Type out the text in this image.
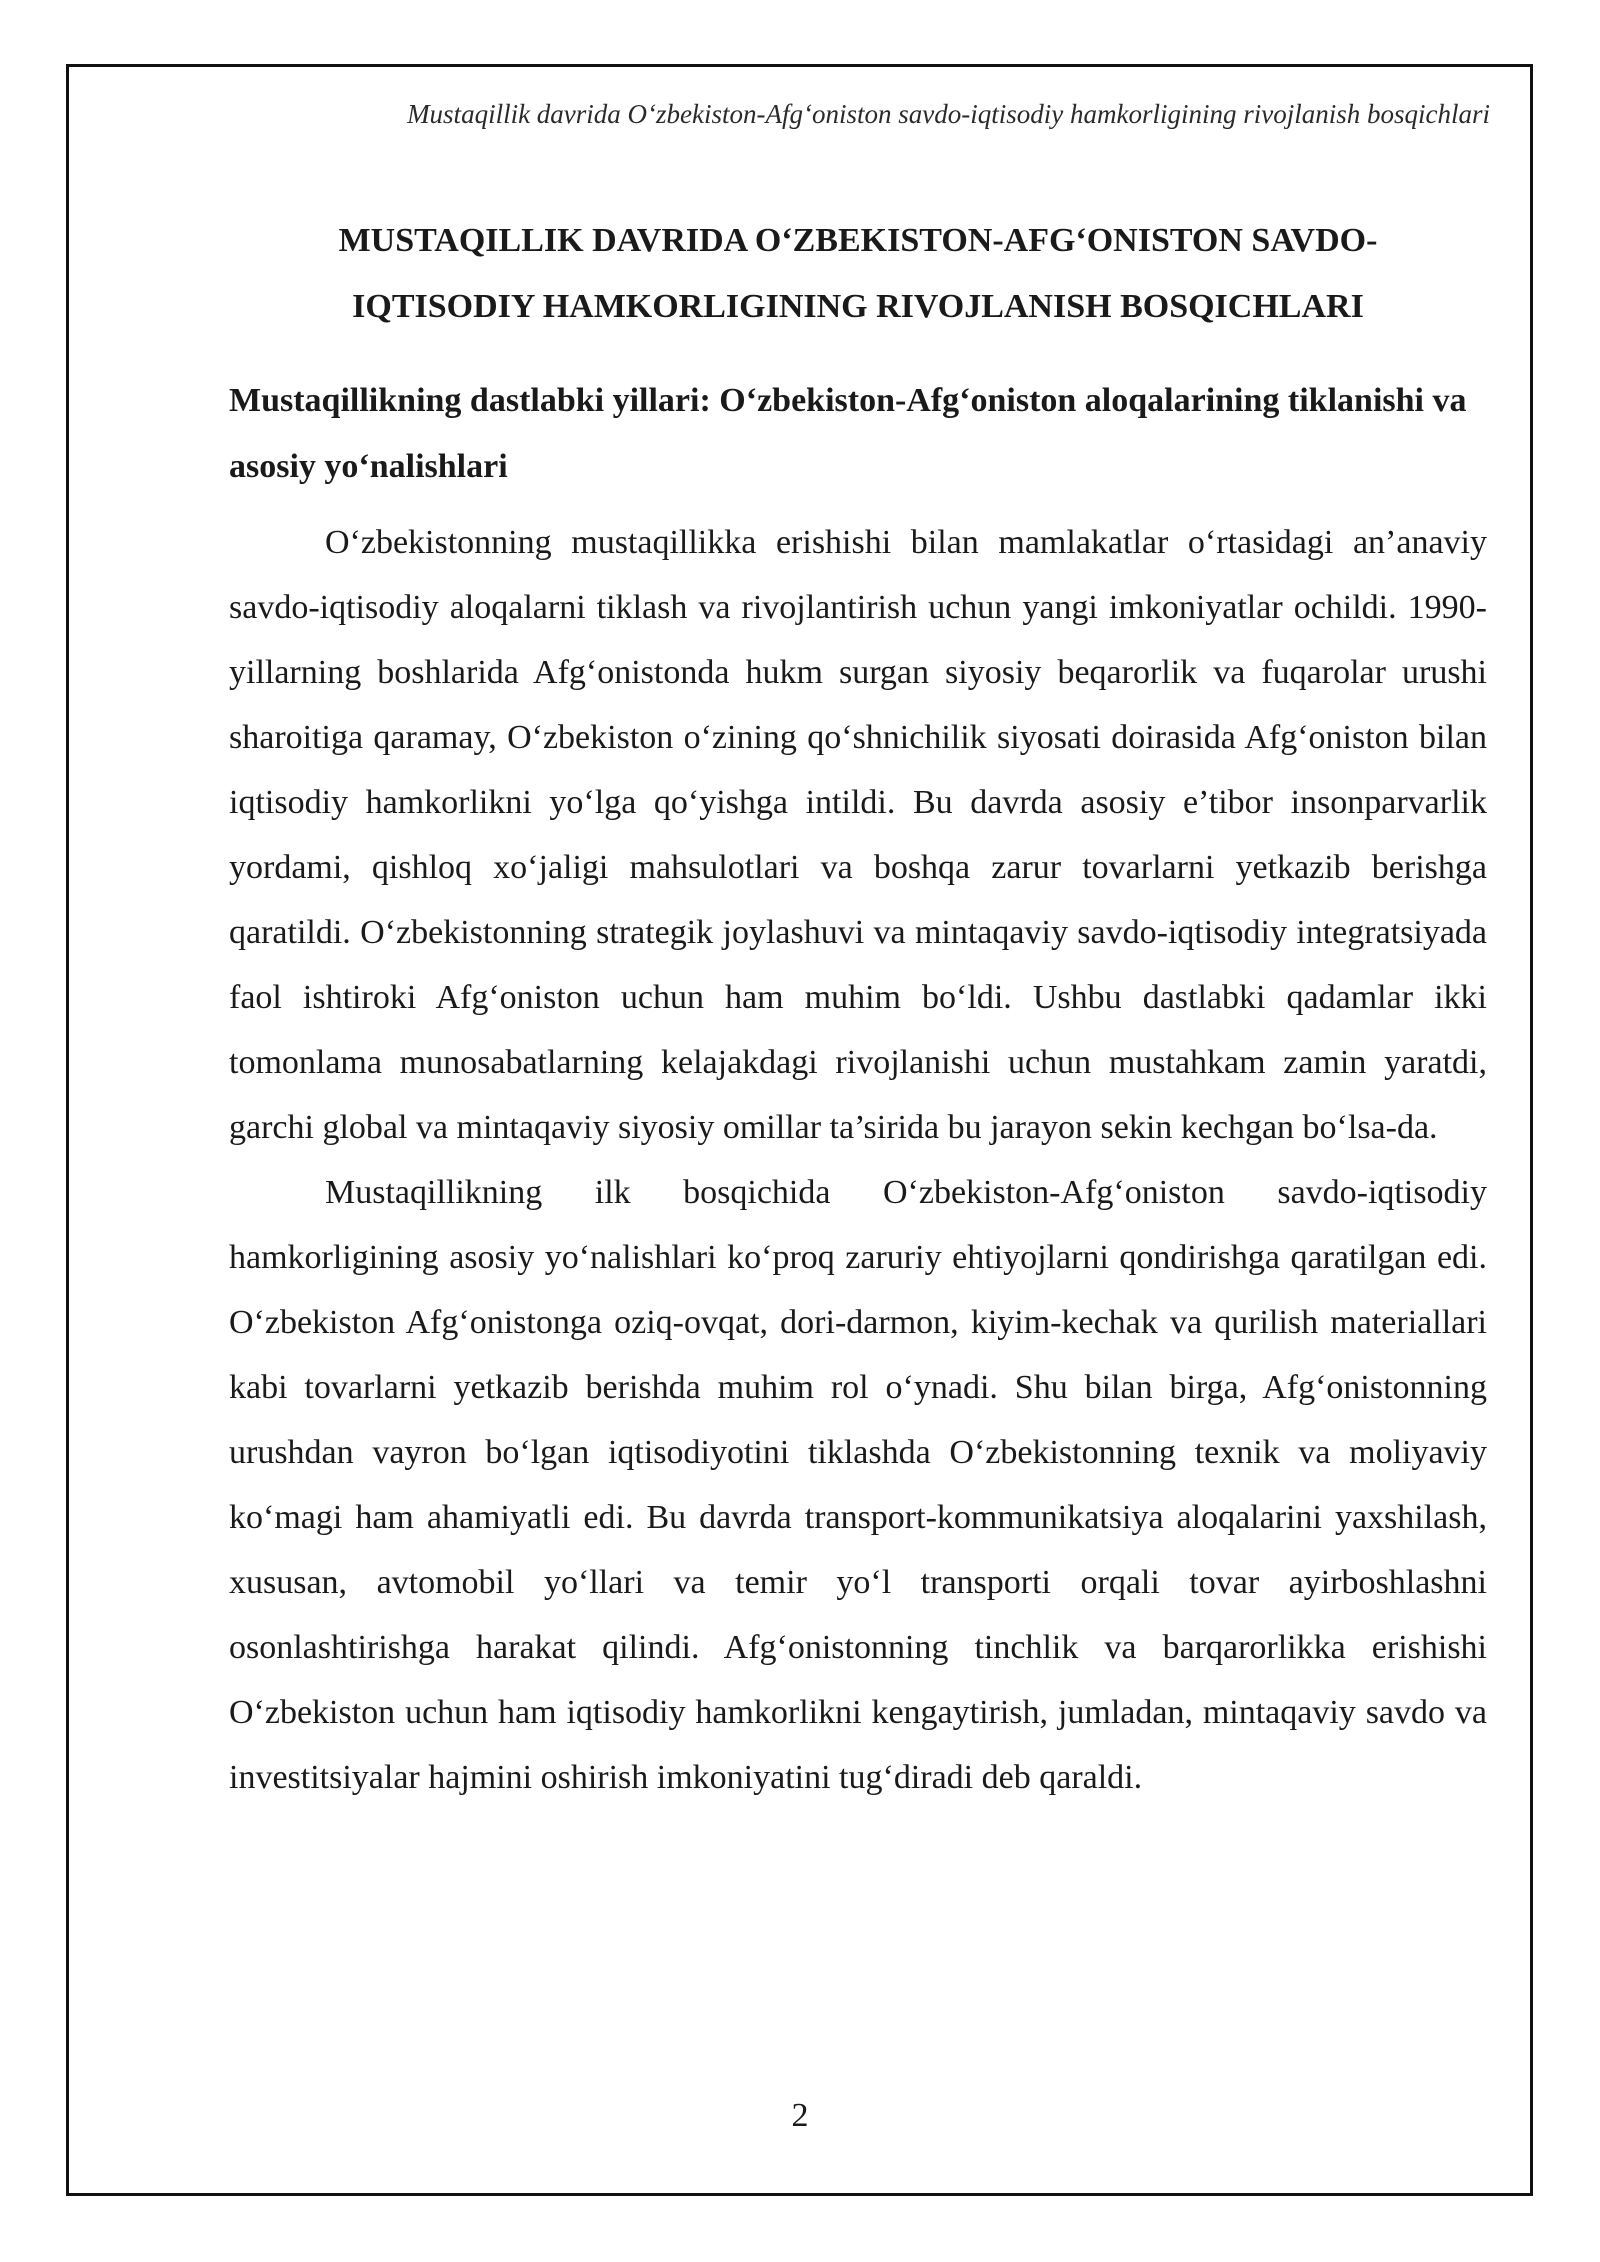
Mustaqillik davrida O‘zbekiston-Afg‘oniston savdo-iqtisodiy hamkorligining rivojlanish bosqichlari
MUSTAQILLIK DAVRIDA O‘ZBEKISTON-AFG‘ONISTON SAVDO-IQTISODIY HAMKORLIGINING RIVOJLANISH BOSQICHLARI
Mustaqillikning dastlabki yillari: O‘zbekiston-Afg‘oniston aloqalarining tiklanishi va asosiy yo‘nalishlari

O‘zbekistonning mustaqillikka erishishi bilan mamlakatlar o‘rtasidagi an’anaviy savdo-iqtisodiy aloqalarni tiklash va rivojlantirish uchun yangi imkoniyatlar ochildi. 1990-yillarning boshlarida Afg‘onistonda hukm surgan siyosiy beqarorlik va fuqarolar urushi sharoitiga qaramay, O‘zbekiston o‘zining qo‘shnichilik siyosati doirasida Afg‘oniston bilan iqtisodiy hamkorlikni yo‘lga qo‘yishga intildi. Bu davrda asosiy e’tibor insonparvarlik yordami, qishloq xo‘jaligi mahsulotlari va boshqa zarur tovarlarni yetkazib berishga qaratildi. O‘zbekistonning strategik joylashuvi va mintaqaviy savdo-iqtisodiy integratsiyada faol ishtiroki Afg‘oniston uchun ham muhim bo‘ldi. Ushbu dastlabki qadamlar ikki tomonlama munosabatlarning kelajakdagi rivojlanishi uchun mustahkam zamin yaratdi, garchi global va mintaqaviy siyosiy omillar ta’sirida bu jarayon sekin kechgan bo‘lsa-da.

Mustaqillikning ilk bosqichida O‘zbekiston-Afg‘oniston savdo-iqtisodiy hamkorligining asosiy yo‘nalishlari ko‘proq zaruriy ehtiyojlarni qondirishga qaratilgan edi. O‘zbekiston Afg‘onistonga oziq-ovqat, dori-darmon, kiyim-kechak va qurilish materiallari kabi tovarlarni yetkazib berishda muhim rol o‘ynadi. Shu bilan birga, Afg‘onistonning urushdan vayron bo‘lgan iqtisodiyotini tiklashda O‘zbekistonning texnik va moliyaviy ko‘magi ham ahamiyatli edi. Bu davrda transport-kommunikatsiya aloqalarini yaxshilash, xususan, avtomobil yo‘llari va temir yo‘l transporti orqali tovar ayirboshlashni osonlashtirishga harakat qilindi. Afg‘onistonning tinchlik va barqarorlikka erishishi O‘zbekiston uchun ham iqtisodiy hamkorlikni kengaytirish, jumladan, mintaqaviy savdo va investitsiyalar hajmini oshirish imkoniyatini tug‘diradi deb qaraldi.

2
